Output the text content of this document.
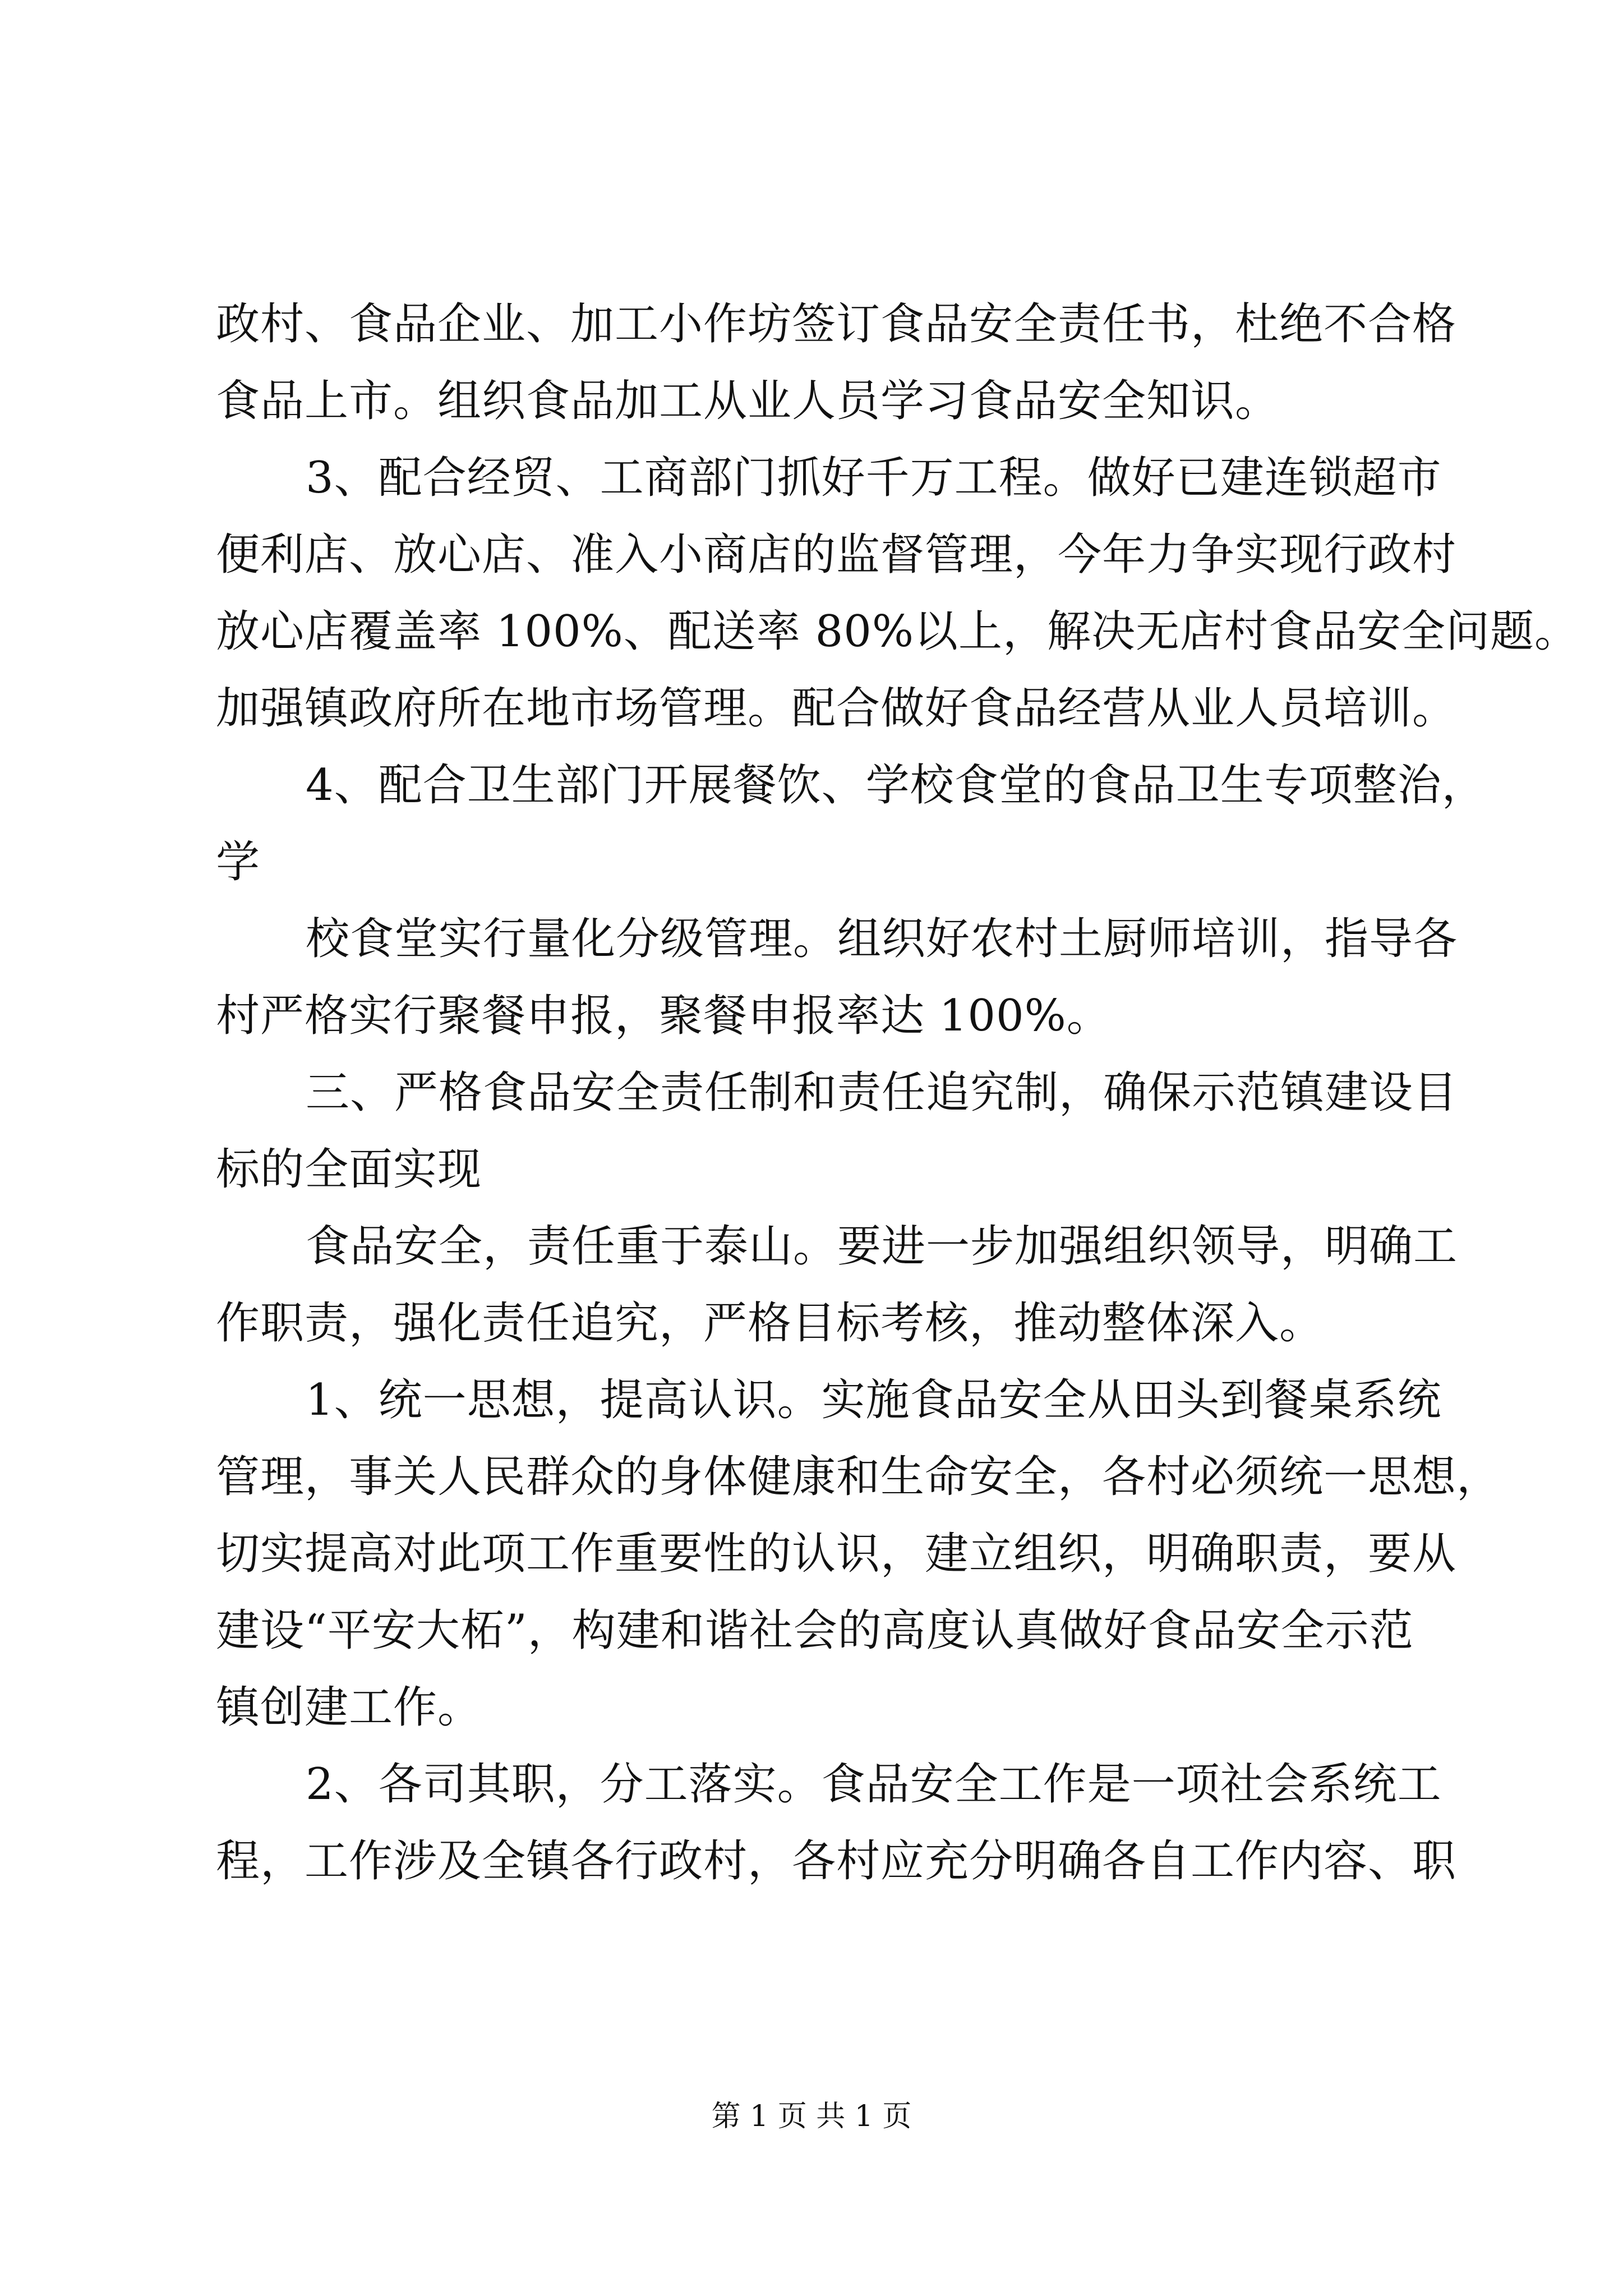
政村、食品企业、加工小作坊签订食品安全责任书，杜绝不合格
食品上市。组织食品加工从业人员学习食品安全知识。
3、配合经贸、工商部门抓好千万工程。做好已建连锁超市
便利店、放心店、准入小商店的监督管理，今年力争实现行政村
放心店覆盖率 100%、配送率 80%以上，解决无店村食品安全问题。
加强镇政府所在地市场管理。配合做好食品经营从业人员培训。
4、配合卫生部门开展餐饮、学校食堂的食品卫生专项整治，
学
校食堂实行量化分级管理。组织好农村土厨师培训，指导各
村严格实行聚餐申报，聚餐申报率达 100%。
三、严格食品安全责任制和责任追究制，确保示范镇建设目
标的全面实现
食品安全，责任重于泰山。要进一步加强组织领导，明确工
作职责，强化责任追究，严格目标考核，推动整体深入。
1、统一思想，提高认识。实施食品安全从田头到餐桌系统
管理，事关人民群众的身体健康和生命安全，各村必须统一思想，
切实提高对此项工作重要性的认识，建立组织，明确职责，要从
建设“平安大柘”，构建和谐社会的高度认真做好食品安全示范
镇创建工作。
2、各司其职，分工落实。食品安全工作是一项社会系统工
程，工作涉及全镇各行政村，各村应充分明确各自工作内容、职
第 1 页 共 1 页
